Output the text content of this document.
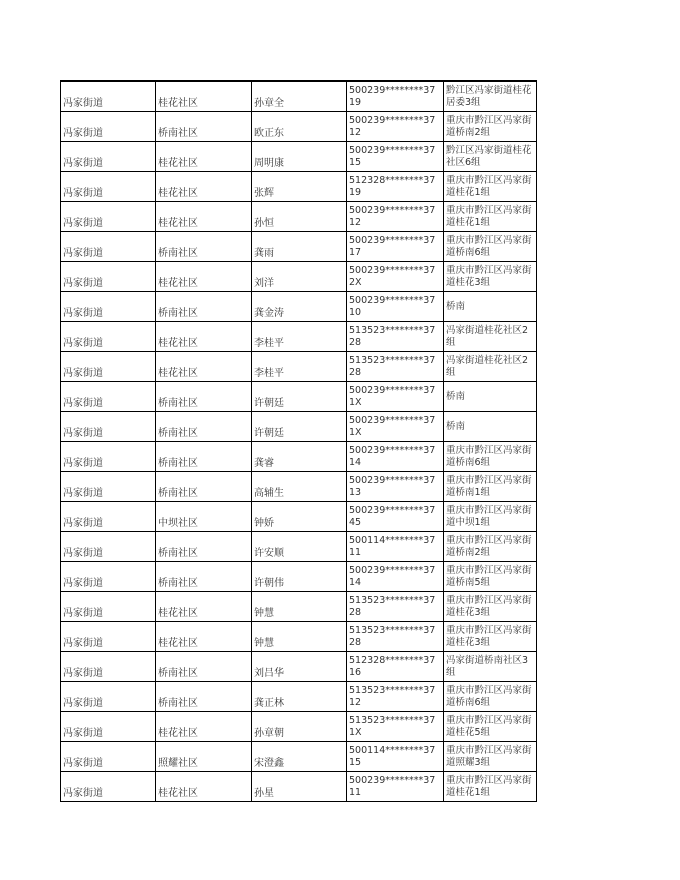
冯家街道	桂花社区	孙章全	500239********3719	黔江区冯家街道桂花居委3组
冯家街道	桥南社区	欧正东	500239********3712	重庆市黔江区冯家街道桥南2组
冯家街道	桂花社区	周明康	500239********3715	黔江区冯家街道桂花社区6组
冯家街道	桂花社区	张辉	512328********3719	重庆市黔江区冯家街道桂花1组
冯家街道	桂花社区	孙恒	500239********3712	重庆市黔江区冯家街道桂花1组
冯家街道	桥南社区	龚雨	500239********3717	重庆市黔江区冯家街道桥南6组
冯家街道	桂花社区	刘洋	500239********372X	重庆市黔江区冯家街道桂花3组
冯家街道	桥南社区	龚金涛	500239********3710	桥南
冯家街道	桂花社区	李桂平	513523********3728	冯家街道桂花社区2组
冯家街道	桂花社区	李桂平	513523********3728	冯家街道桂花社区2组
冯家街道	桥南社区	许朝廷	500239********371X	桥南
冯家街道	桥南社区	许朝廷	500239********371X	桥南
冯家街道	桥南社区	龚睿	500239********3714	重庆市黔江区冯家街道桥南6组
冯家街道	桥南社区	高辅生	500239********3713	重庆市黔江区冯家街道桥南1组
冯家街道	中坝社区	钟娇	500239********3745	重庆市黔江区冯家街道中坝1组
冯家街道	桥南社区	许安顺	500114********3711	重庆市黔江区冯家街道桥南2组
冯家街道	桥南社区	许朝伟	500239********3714	重庆市黔江区冯家街道桥南5组
冯家街道	桂花社区	钟慧	513523********3728	重庆市黔江区冯家街道桂花3组
冯家街道	桂花社区	钟慧	513523********3728	重庆市黔江区冯家街道桂花3组
冯家街道	桥南社区	刘吕华	512328********3716	冯家街道桥南社区3组
冯家街道	桥南社区	龚正林	513523********3712	重庆市黔江区冯家街道桥南6组
冯家街道	桂花社区	孙章朝	513523********371X	重庆市黔江区冯家街道桂花5组
冯家街道	照耀社区	宋澄鑫	500114********3715	重庆市黔江区冯家街道照耀3组
冯家街道	桂花社区	孙星	500239********3711	重庆市黔江区冯家街道桂花1组
